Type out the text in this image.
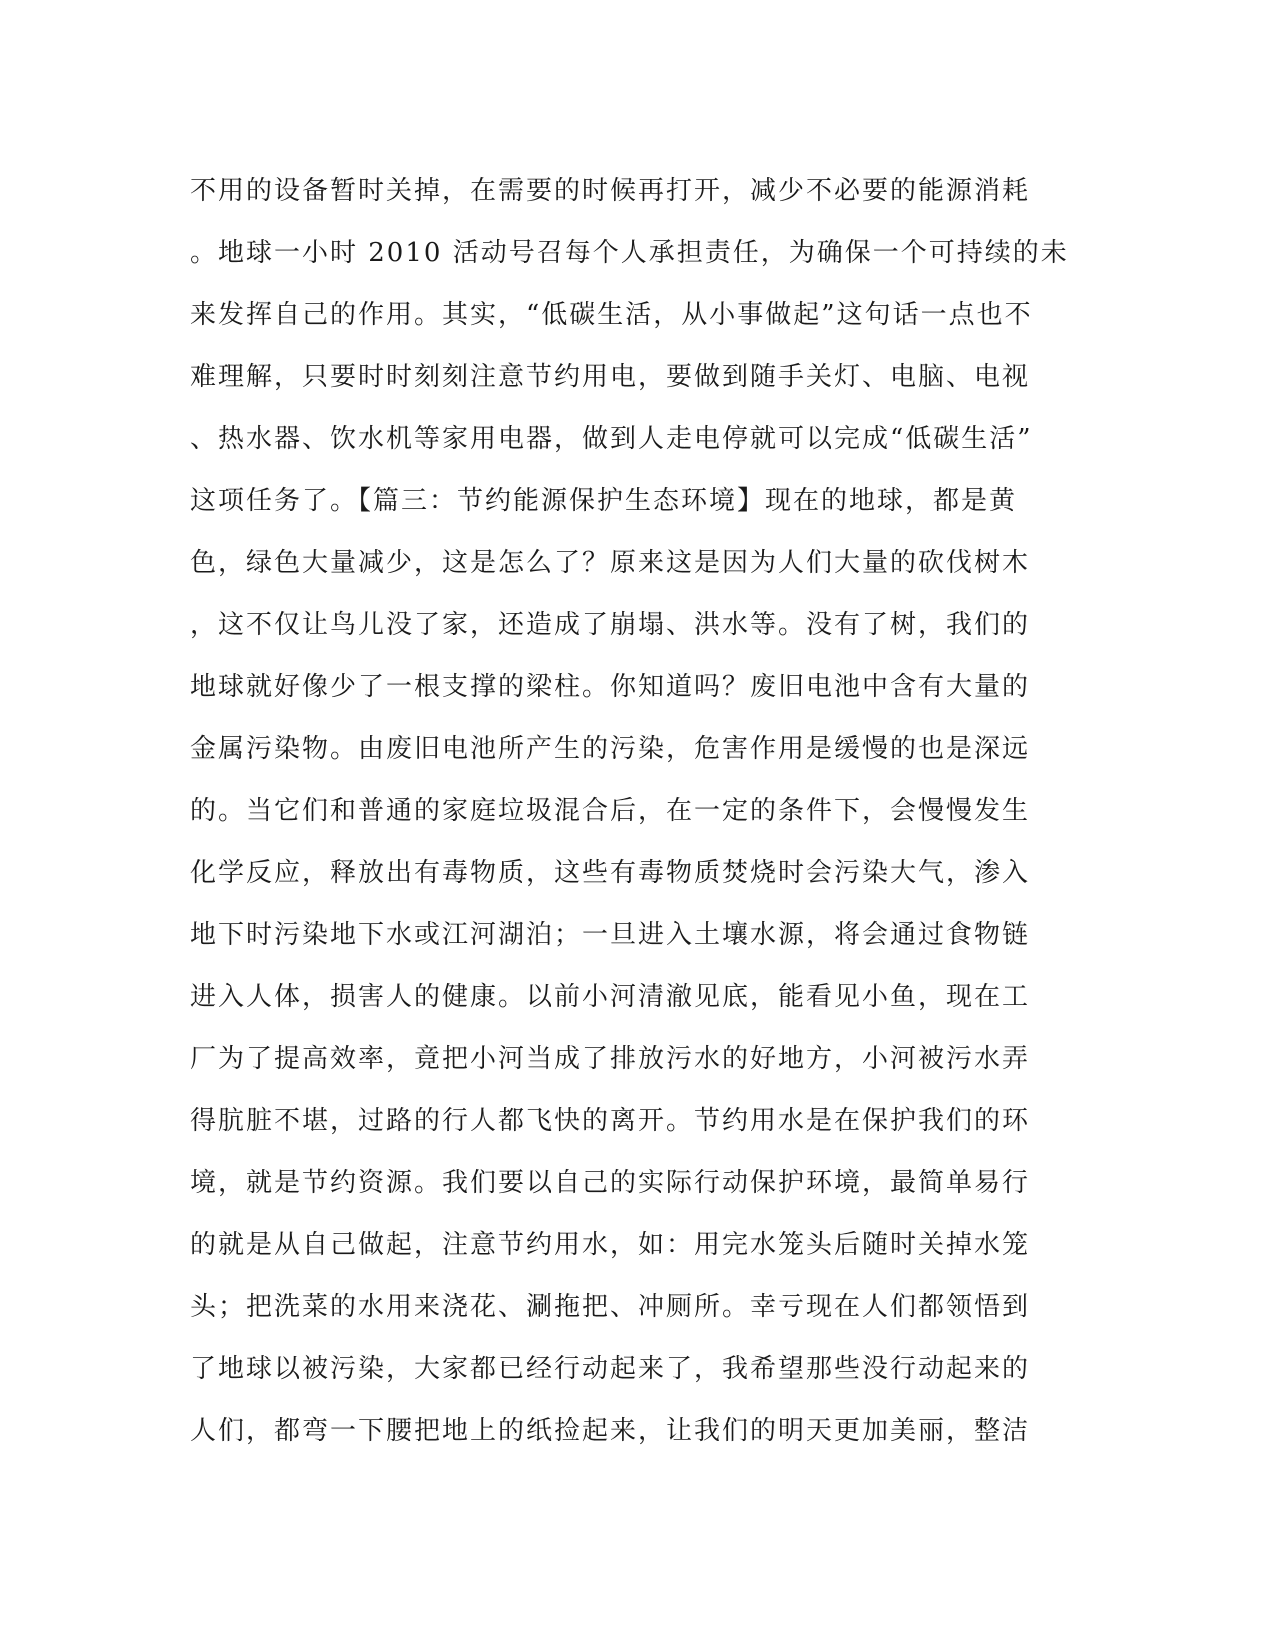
不用的设备暂时关掉，在需要的时候再打开，减少不必要的能源消耗
。地球一小时 2010 活动号召每个人承担责任，为确保一个可持续的未
来发挥自己的作用。其实，“低碳生活，从小事做起”这句话一点也不
难理解，只要时时刻刻注意节约用电，要做到随手关灯、电脑、电视
、热水器、饮水机等家用电器，做到人走电停就可以完成“低碳生活”
这项任务了。【篇三：节约能源保护生态环境】现在的地球，都是黄
色，绿色大量减少，这是怎么了？原来这是因为人们大量的砍伐树木
，这不仅让鸟儿没了家，还造成了崩塌、洪水等。没有了树，我们的
地球就好像少了一根支撑的梁柱。你知道吗？废旧电池中含有大量的
金属污染物。由废旧电池所产生的污染，危害作用是缓慢的也是深远
的。当它们和普通的家庭垃圾混合后，在一定的条件下，会慢慢发生
化学反应，释放出有毒物质，这些有毒物质焚烧时会污染大气，渗入
地下时污染地下水或江河湖泊；一旦进入土壤水源，将会通过食物链
进入人体，损害人的健康。以前小河清澈见底，能看见小鱼，现在工
厂为了提高效率，竟把小河当成了排放污水的好地方，小河被污水弄
得肮脏不堪，过路的行人都飞快的离开。节约用水是在保护我们的环
境，就是节约资源。我们要以自己的实际行动保护环境，最简单易行
的就是从自己做起，注意节约用水，如：用完水笼头后随时关掉水笼
头；把洗菜的水用来浇花、涮拖把、冲厕所。幸亏现在人们都领悟到
了地球以被污染，大家都已经行动起来了，我希望那些没行动起来的
人们，都弯一下腰把地上的纸捡起来，让我们的明天更加美丽，整洁
